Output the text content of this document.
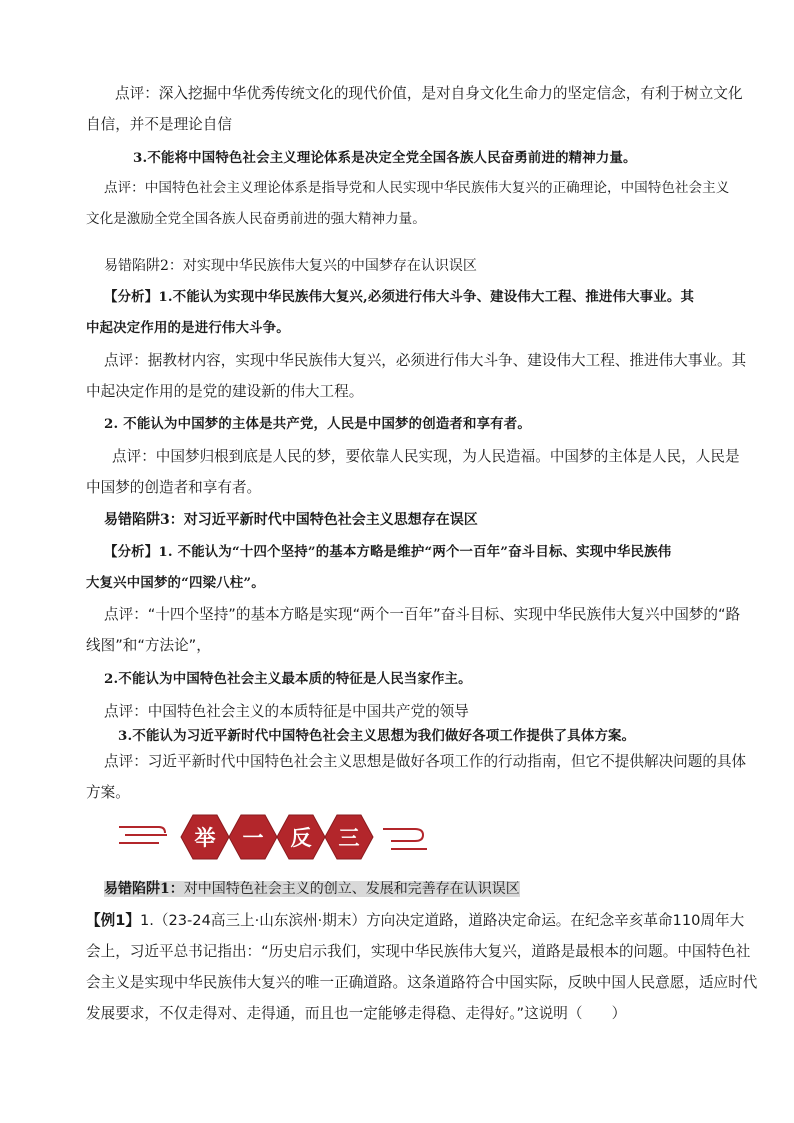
点评：深入挖掘中华优秀传统文化的现代价值，是对自身文化生命力的坚定信念，有利于树立文化
自信，并不是理论自信
3.不能将中国特色社会主义理论体系是决定全党全国各族人民奋勇前进的精神力量。
点评：中国特色社会主义理论体系是指导党和人民实现中华民族伟大复兴的正确理论，中国特色社会主义
文化是激励全党全国各族人民奋勇前进的强大精神力量。
易错陷阱2：对实现中华民族伟大复兴的中国梦存在认识误区
【分析】1.不能认为实现中华民族伟大复兴,必须进行伟大斗争、建设伟大工程、推进伟大事业。其
中起决定作用的是进行伟大斗争。
点评：据教材内容，实现中华民族伟大复兴，必须进行伟大斗争、建设伟大工程、推进伟大事业。其
中起决定作用的是党的建设新的伟大工程。
2. 不能认为中国梦的主体是共产党，人民是中国梦的创造者和享有者。
点评：中国梦归根到底是人民的梦，要依靠人民实现，为人民造福。中国梦的主体是人民，人民是
中国梦的创造者和享有者。
易错陷阱3：对习近平新时代中国特色社会主义思想存在误区
【分析】1. 不能认为“十四个坚持”的基本方略是维护“两个一百年”奋斗目标、实现中华民族伟
大复兴中国梦的“四梁八柱”。
点评：“十四个坚持”的基本方略是实现“两个一百年”奋斗目标、实现中华民族伟大复兴中国梦的“路
线图”和“方法论”，
2.不能认为中国特色社会主义最本质的特征是人民当家作主。
点评：中国特色社会主义的本质特征是中国共产党的领导
3.不能认为习近平新时代中国特色社会主义思想为我们做好各项工作提供了具体方案。
点评：习近平新时代中国特色社会主义思想是做好各项工作的行动指南，但它不提供解决问题的具体
方案。
举 一 反 三
易错陷阱1：对中国特色社会主义的创立、发展和完善存在认识误区
【例1】1.（23-24高三上·山东滨州·期末）方向决定道路，道路决定命运。在纪念辛亥革命110周年大
会上，习近平总书记指出：“历史启示我们，实现中华民族伟大复兴，道路是最根本的问题。中国特色社
会主义是实现中华民族伟大复兴的唯一正确道路。这条道路符合中国实际，反映中国人民意愿，适应时代
发展要求，不仅走得对、走得通，而且也一定能够走得稳、走得好。”这说明（　　）
